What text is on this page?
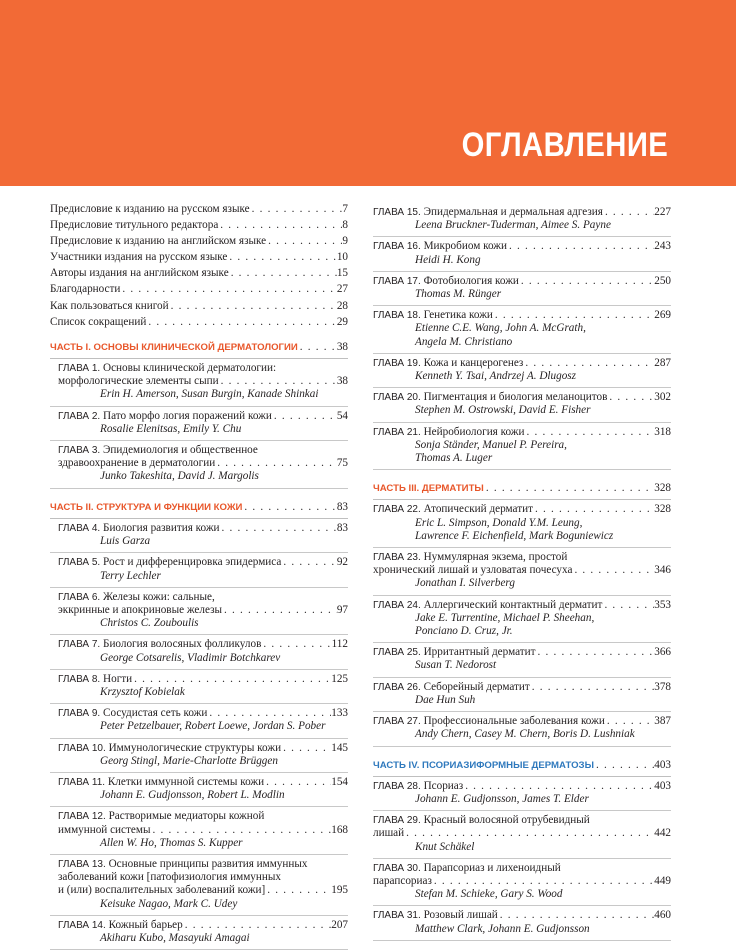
ОГЛАВЛЕНИЕ
Предисловие к изданию на русском языке . . .	7
Предисловие титульного редактора . . .	8
Предисловие к изданию на английском языке . . .	9
Участники издания на русском языке . . .	10
Авторы издания на английском языке . . .	15
Благодарности . . .	27
Как пользоваться книгой . . .	28
Список сокращений . . .	29
ЧАСТЬ I. ОСНОВЫ КЛИНИЧЕСКОЙ ДЕРМАТОЛОГИИ . . .	38
ГЛАВА 1. Основы клинической дерматологии:
морфологические элементы сыпи . . .	38
Erin H. Amerson, Susan Burgin, Kanade Shinkai
ГЛАВА 2.
Пато морфо логия поражений кожи . . .	54
Rosalie Elenitsas, Emily Y. Chu
ГЛАВА 3. Эпидемиология и общественное
здравоохранение в дерматологии . . .	75
Junko Takeshita, David J. Margolis
ЧАСТЬ II. СТРУКТУРА И ФУНКЦИИ КОЖИ . . .	83
ГЛАВА 4.
Биология развития кожи . . .	83
Luis Garza
ГЛАВА 5.
Рост и дифференцировка эпидермиса . . .	92
Terry Lechler
ГЛАВА 6. Железы кожи: сальные,
эккринные и апокриновые железы . . .	97
Christos C. Zouboulis
ГЛАВА 7.
Биология волосяных фолликулов . . .	112
George Cotsarelis, Vladimir Botchkarev
ГЛАВА 8.
Ногти . . .	125
Krzysztof Kobielak
ГЛАВА 9.
Сосудистая сеть кожи . . .	133
Peter Petzelbauer, Robert Loewe, Jordan S. Pober
ГЛАВА 10.
Иммунологические структуры кожи . . .	145
Georg Stingl, Marie-Charlotte Brüggen
ГЛАВА 11.
Клетки иммунной системы кожи . . .	154
Johann E. Gudjonsson, Robert L. Modlin
ГЛАВА 12. Растворимые медиаторы кожной
иммунной системы . . .	168
Allen W. Ho, Thomas S. Kupper
ГЛАВА 13. Основные принципы развития иммунных
заболеваний кожи [патофизиология иммунных
и (или) воспалительных заболеваний кожи] . . .	195
Keisuke Nagao, Mark C. Udey
ГЛАВА 14.
Кожный барьер . . .	207
Akiharu Kubo, Masayuki Amagai
ГЛАВА 15.
Эпидермальная и дермальная адгезия . . .	227
Leena Bruckner-Tuderman, Aimee S. Payne
ГЛАВА 16.
Микробиом кожи . . .	243
Heidi H. Kong
ГЛАВА 17.
Фотобиология кожи . . .	250
Thomas M. Rünger
ГЛАВА 18.
Генетика кожи . . .	269
Etienne C.E. Wang, John A. McGrath,
Angela M. Christiano
ГЛАВА 19.
Кожа и канцерогенез . . .	287
Kenneth Y. Tsai, Andrzej A. Dlugosz
ГЛАВА 20.
Пигментация и биология меланоцитов . . .	302
Stephen M. Ostrowski, David E. Fisher
ГЛАВА 21.
Нейробиология кожи . . .	318
Sonja Ständer, Manuel P. Pereira,
Thomas A. Luger
ЧАСТЬ III. ДЕРМАТИТЫ . . .	328
ГЛАВА 22.
Атопический дерматит . . .	328
Eric L. Simpson, Donald Y.M. Leung,
Lawrence F. Eichenfield, Mark Boguniewicz
ГЛАВА 23. Нуммулярная экзема, простой
хронический лишай и узловатая почесуха . . .	346
Jonathan I. Silverberg
ГЛАВА 24.
Аллергический контактный дерматит . . .	353
Jake E. Turrentine, Michael P. Sheehan,
Ponciano D. Cruz, Jr.
ГЛАВА 25.
Ирритантный дерматит . . .	366
Susan T. Nedorost
ГЛАВА 26.
Себорейный дерматит . . .	378
Dae Hun Suh
ГЛАВА 27.
Профессиональные заболевания кожи . . .	387
Andy Chern, Casey M. Chern, Boris D. Lushniak
ЧАСТЬ IV. ПСОРИАЗИФОРМНЫЕ ДЕРМАТОЗЫ . . .	403
ГЛАВА 28.
Псориаз . . .	403
Johann E. Gudjonsson, James T. Elder
ГЛАВА 29. Красный волосяной отрубевидный
лишай . . .	442
Knut Schäkel
ГЛАВА 30. Парапсориаз и лихеноидный
парапсориаз . . .	449
Stefan M. Schieke, Gary S. Wood
ГЛАВА 31.
Розовый лишай . . .	460
Matthew Clark, Johann E. Gudjonsson
